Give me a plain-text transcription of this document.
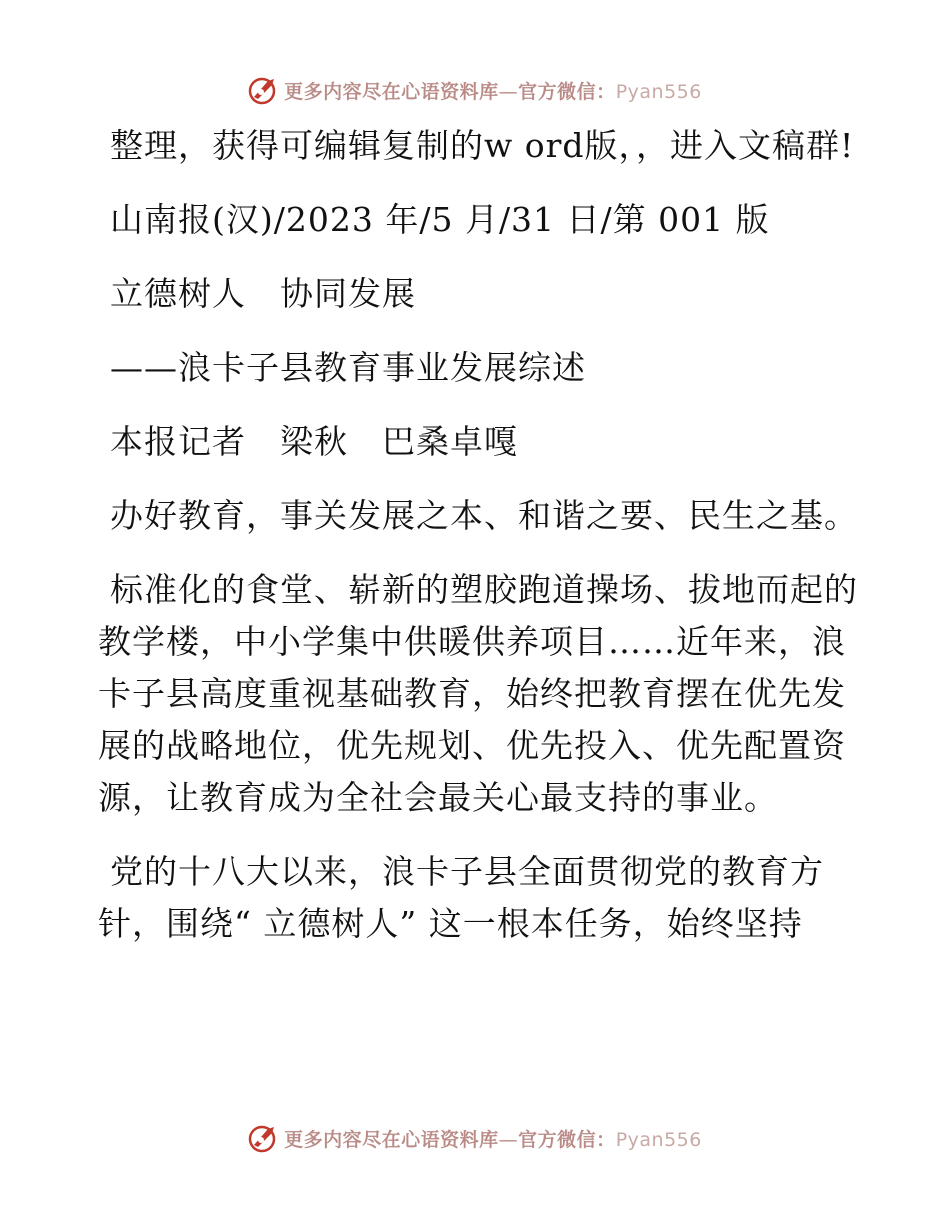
更多内容尽在心语资料库—官方微信：Pyan556

整理，获得可编辑复制的w ord版，，进入文稿群!

山南报(汉)/2023 年/5 月/31 日/第 001 版

立德树人　协同发展

——浪卡子县教育事业发展综述

本报记者　梁秋　巴桑卓嘎

办好教育，事关发展之本、和谐之要、民生之基。

标准化的食堂、崭新的塑胶跑道操场、拔地而起的教学楼，中小学集中供暖供养项目……近年来，浪卡子县高度重视基础教育，始终把教育摆在优先发展的战略地位，优先规划、优先投入、优先配置资源，让教育成为全社会最关心最支持的事业。

党的十八大以来，浪卡子县全面贯彻党的教育方针，围绕“ 立德树人” 这一根本任务，始终坚持

更多内容尽在心语资料库—官方微信：Pyan556
